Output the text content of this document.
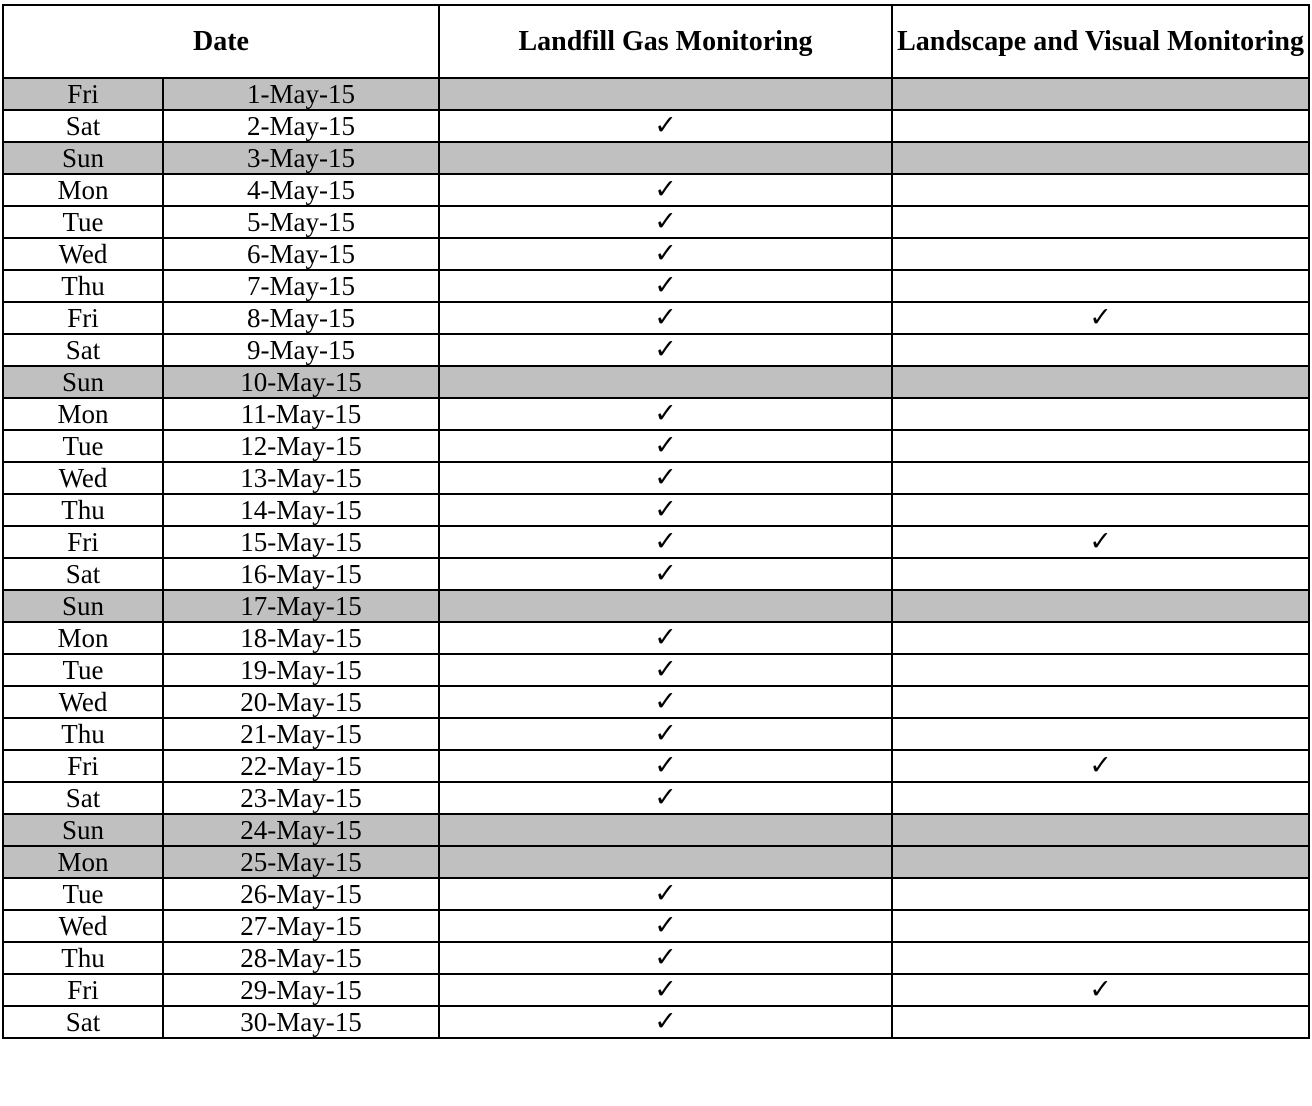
Date		Landfill Gas Monitoring	Landscape and Visual Monitoring
Fri	1-May-15		
Sat	2-May-15	✓	
Sun	3-May-15		
Mon	4-May-15	✓	
Tue	5-May-15	✓	
Wed	6-May-15	✓	
Thu	7-May-15	✓	
Fri	8-May-15	✓	✓
Sat	9-May-15	✓	
Sun	10-May-15		
Mon	11-May-15	✓	
Tue	12-May-15	✓	
Wed	13-May-15	✓	
Thu	14-May-15	✓	
Fri	15-May-15	✓	✓
Sat	16-May-15	✓	
Sun	17-May-15		
Mon	18-May-15	✓	
Tue	19-May-15	✓	
Wed	20-May-15	✓	
Thu	21-May-15	✓	
Fri	22-May-15	✓	✓
Sat	23-May-15	✓	
Sun	24-May-15		
Mon	25-May-15		
Tue	26-May-15	✓	
Wed	27-May-15	✓	
Thu	28-May-15	✓	
Fri	29-May-15	✓	✓
Sat	30-May-15	✓	
